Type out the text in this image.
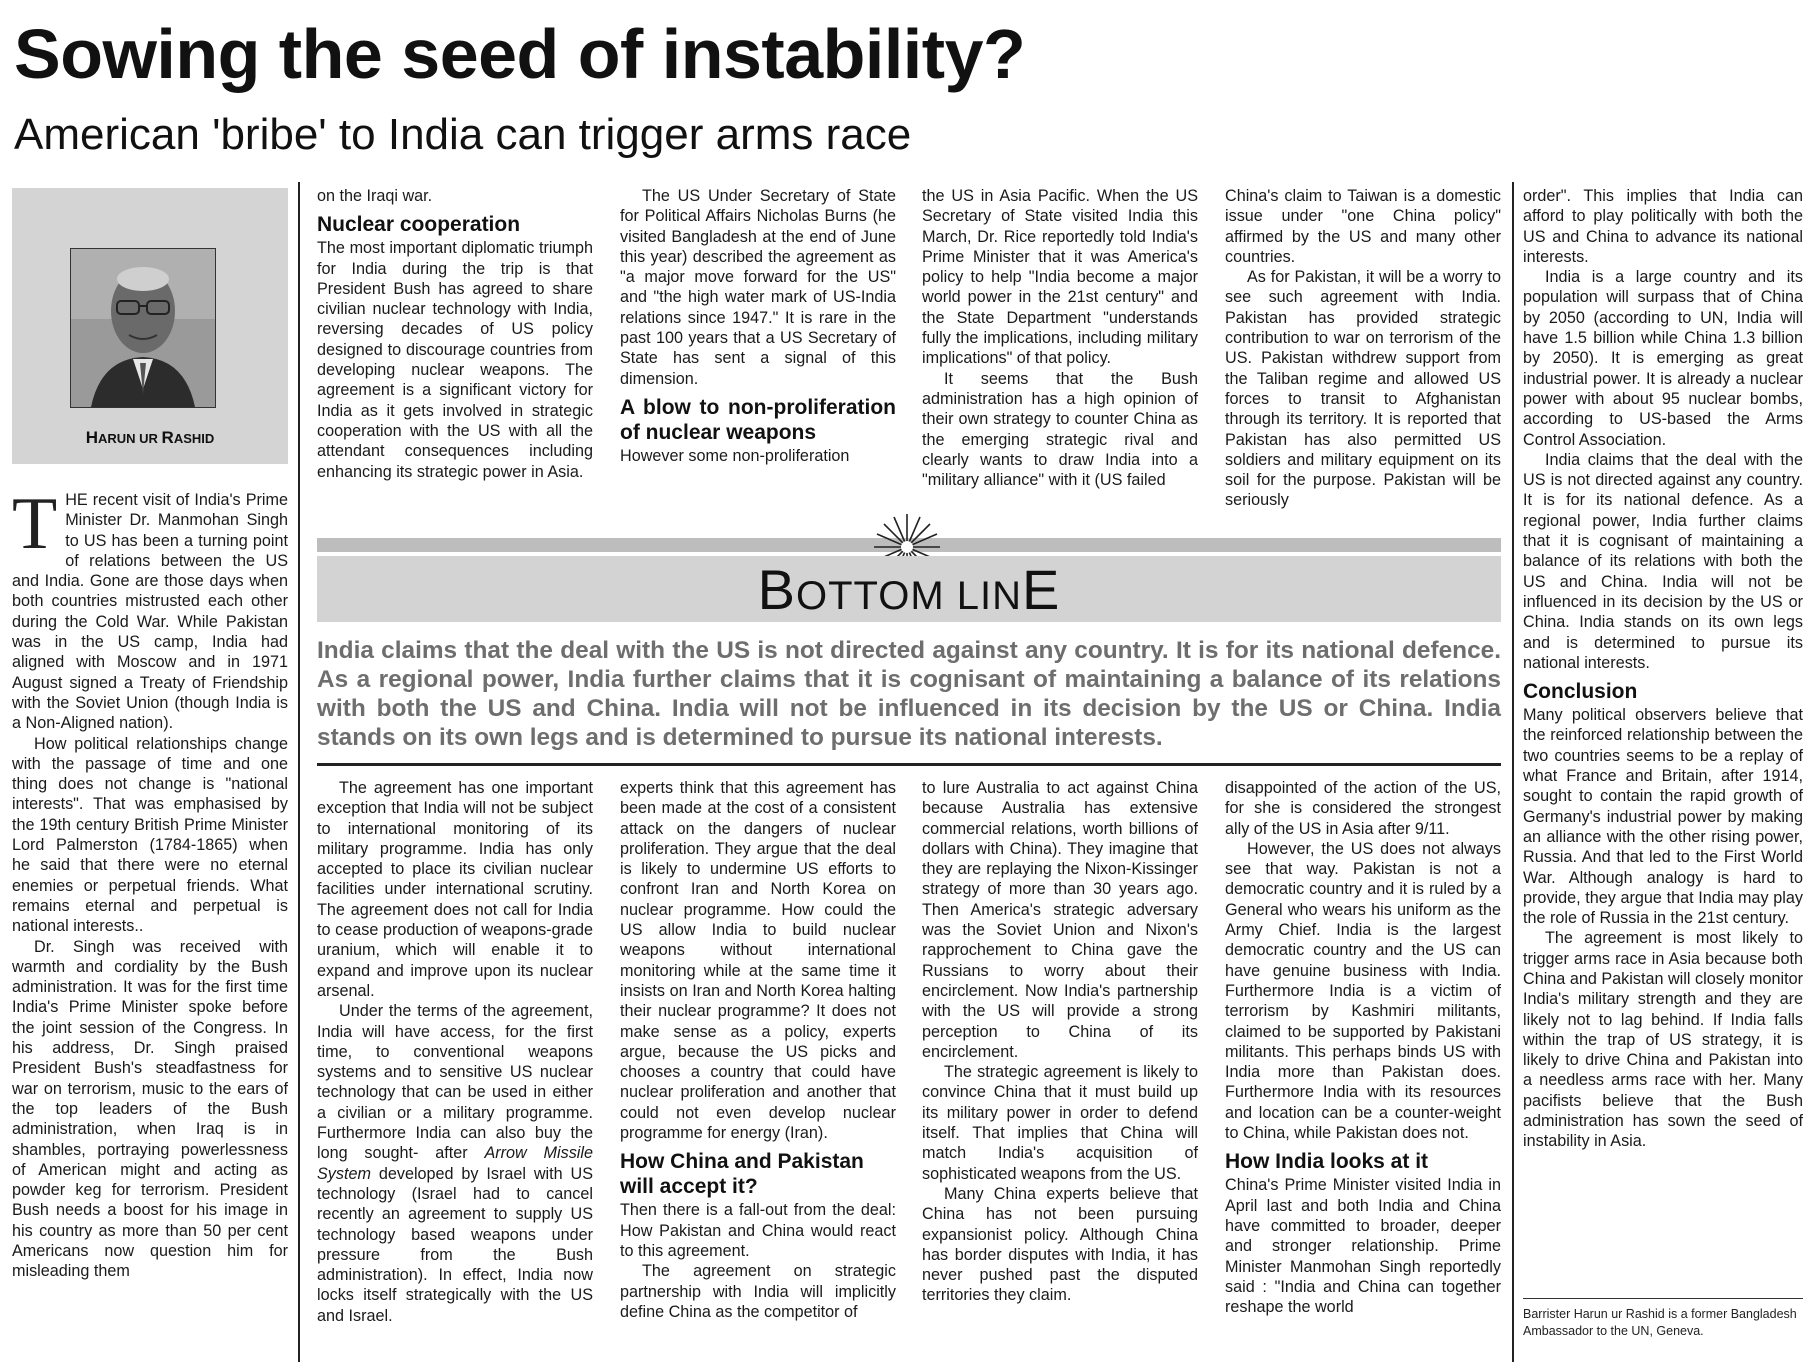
Sowing the seed of instability?
American 'bribe' to India can trigger arms race
HARUN UR RASHID

THE recent visit of India's Prime Minister Dr. Manmohan Singh to US has been a turning point of relations between the US and India. Gone are those days when both countries mistrusted each other during the Cold War. While Pakistan was in the US camp, India had aligned with Moscow and in 1971 August signed a Treaty of Friendship with the Soviet Union (though India is a Non-Aligned nation).

How political relationships change with the passage of time and one thing does not change is "national interests". That was emphasised by the 19th century British Prime Minister Lord Palmerston (1784-1865) when he said that there were no eternal enemies or perpetual friends. What remains eternal and perpetual is national interests..

Dr. Singh was received with warmth and cordiality by the Bush administration. It was for the first time India's Prime Minister spoke before the joint session of the Congress. In his address, Dr. Singh praised President Bush's steadfastness for war on terrorism, music to the ears of the top leaders of the Bush administration, when Iraq is in shambles, portraying powerlessness of American might and acting as powder keg for terrorism. President Bush needs a boost for his image in his country as more than 50 per cent Americans now question him for misleading them

on the Iraqi war.

Nuclear cooperation

The most important diplomatic triumph for India during the trip is that President Bush has agreed to share civilian nuclear technology with India, reversing decades of US policy designed to discourage countries from developing nuclear weapons. The agreement is a significant victory for India as it gets involved in strategic cooperation with the US with all the attendant consequences including enhancing its strategic power in Asia.

The US Under Secretary of State for Political Affairs Nicholas Burns (he visited Bangladesh at the end of June this year) described the agreement as "a major move forward for the US" and "the high water mark of US-India relations since 1947." It is rare in the past 100 years that a US Secretary of State has sent a signal of this dimension.

A blow to non-proliferation of nuclear weapons

However some non-proliferation

the US in Asia Pacific. When the US Secretary of State visited India this March, Dr. Rice reportedly told India's Prime Minister that it was America's policy to help "India become a major world power in the 21st century" and the State Department "understands fully the implications, including military implications" of that policy.

It seems that the Bush administration has a high opinion of their own strategy to counter China as the emerging strategic rival and clearly wants to draw India into a "military alliance" with it (US failed

China's claim to Taiwan is a domestic issue under "one China policy" affirmed by the US and many other countries.

As for Pakistan, it will be a worry to see such agreement with India. Pakistan has provided strategic contribution to war on terrorism of the US. Pakistan withdrew support from the Taliban regime and allowed US forces to transit to Afghanistan through its territory. It is reported that Pakistan has also permitted US soldiers and military equipment on its soil for the purpose. Pakistan will be seriously

BOTTOM LINE
India claims that the deal with the US is not directed against any country. It is for its national defence. As a regional power, India further claims that it is cognisant of maintaining a balance of its relations with both the US and China. India will not be influenced in its decision by the US or China. India stands on its own legs and is determined to pursue its national interests.

The agreement has one important exception that India will not be subject to international monitoring of its military programme. India has only accepted to place its civilian nuclear facilities under international scrutiny. The agreement does not call for India to cease production of weapons-grade uranium, which will enable it to expand and improve upon its nuclear arsenal.

Under the terms of the agreement, India will have access, for the first time, to conventional weapons systems and to sensitive US nuclear technology that can be used in either a civilian or a military programme. Furthermore India can also buy the long sought- after Arrow Missile System developed by Israel with US technology (Israel had to cancel recently an agreement to supply US technology based weapons under pressure from the Bush administration). In effect, India now locks itself strategically with the US and Israel.

experts think that this agreement has been made at the cost of a consistent attack on the dangers of nuclear proliferation. They argue that the deal is likely to undermine US efforts to confront Iran and North Korea on nuclear programme. How could the US allow India to build nuclear weapons without international monitoring while at the same time it insists on Iran and North Korea halting their nuclear programme? It does not make sense as a policy, experts argue, because the US picks and chooses a country that could have nuclear proliferation and another that could not even develop nuclear programme for energy (Iran).

How China and Pakistan will accept it?

Then there is a fall-out from the deal: How Pakistan and China would react to this agreement.

The agreement on strategic partnership with India will implicitly define China as the competitor of

to lure Australia to act against China because Australia has extensive commercial relations, worth billions of dollars with China). They imagine that they are replaying the Nixon-Kissinger strategy of more than 30 years ago. Then America's strategic adversary was the Soviet Union and Nixon's rapprochement to China gave the Russians to worry about their encirclement. Now India's partnership with the US will provide a strong perception to China of its encirclement.

The strategic agreement is likely to convince China that it must build up its military power in order to defend itself. That implies that China will match India's acquisition of sophisticated weapons from the US.

Many China experts believe that China has not been pursuing expansionist policy. Although China has border disputes with India, it has never pushed past the disputed territories they claim.

disappointed of the action of the US, for she is considered the strongest ally of the US in Asia after 9/11.

However, the US does not always see that way. Pakistan is not a democratic country and it is ruled by a General who wears his uniform as the Army Chief. India is the largest democratic country and the US can have genuine business with India. Furthermore India is a victim of terrorism by Kashmiri militants, claimed to be supported by Pakistani militants. This perhaps binds US with India more than Pakistan does. Furthermore India with its resources and location can be a counter-weight to China, while Pakistan does not.

How India looks at it

China's Prime Minister visited India in April last and both India and China have committed to broader, deeper and stronger relationship. Prime Minister Manmohan Singh reportedly said : "India and China can together reshape the world

order". This implies that India can afford to play politically with both the US and China to advance its national interests.

India is a large country and its population will surpass that of China by 2050 (according to UN, India will have 1.5 billion while China 1.3 billion by 2050). It is emerging as great industrial power. It is already a nuclear power with about 95 nuclear bombs, according to US-based the Arms Control Association.

India claims that the deal with the US is not directed against any country. It is for its national defence. As a regional power, India further claims that it is cognisant of maintaining a balance of its relations with both the US and China. India will not be influenced in its decision by the US or China. India stands on its own legs and is determined to pursue its national interests.

Conclusion

Many political observers believe that the reinforced relationship between the two countries seems to be a replay of what France and Britain, after 1914, sought to contain the rapid growth of Germany's industrial power by making an alliance with the other rising power, Russia. And that led to the First World War. Although analogy is hard to provide, they argue that India may play the role of Russia in the 21st century.

The agreement is most likely to trigger arms race in Asia because both China and Pakistan will closely monitor India's military strength and they are likely not to lag behind. If India falls within the trap of US strategy, it is likely to drive China and Pakistan into a needless arms race with her. Many pacifists believe that the Bush administration has sown the seed of instability in Asia.

Barrister Harun ur Rashid is a former Bangladesh Ambassador to the UN, Geneva.
